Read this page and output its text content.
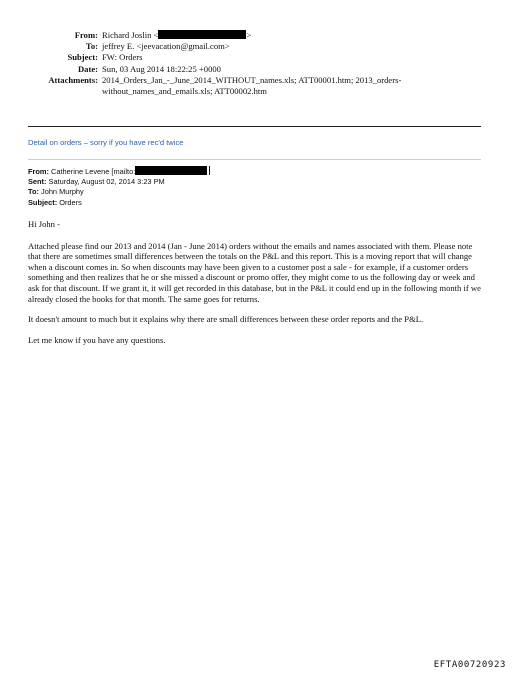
From: Richard Joslin <	>
To: jeffrey E. <jeevacation@gmail.com>
Subject: FW: Orders
Date: Sun, 03 Aug 2014 18:22:25 +0000
Attachments: 2014_Orders_Jan_-_June_2014_WITHOUT_names.xls; ATT00001.htm; 2013_orders-
without_names_and_emails.xls; ATT00002.htm
Detail on orders – sorry if you have rec'd twice
From: Catherine Levene [mailto:
Sent: Saturday, August 02, 2014 3:23 PM
To: John Murphy
Subject: Orders

Hi John -

Attached please find our 2013 and 2014 (Jan - June 2014) orders without the emails and names associated with them. Please note that there are sometimes small differences between the totals on the P&L and this report. This is a moving report that will change when a discount comes in. So when discounts may have been given to a customer post a sale - for example, if a customer orders something and then realizes that he or she missed a discount or promo offer, they might come to us the following day or week and ask for that discount. If we grant it, it will get recorded in this database, but in the P&L it could end up in the following month if we already closed the books for that month. The same goes for returns.

It doesn't amount to much but it explains why there are small differences between these order reports and the P&L.

Let me know if you have any questions.

EFTA00720923
